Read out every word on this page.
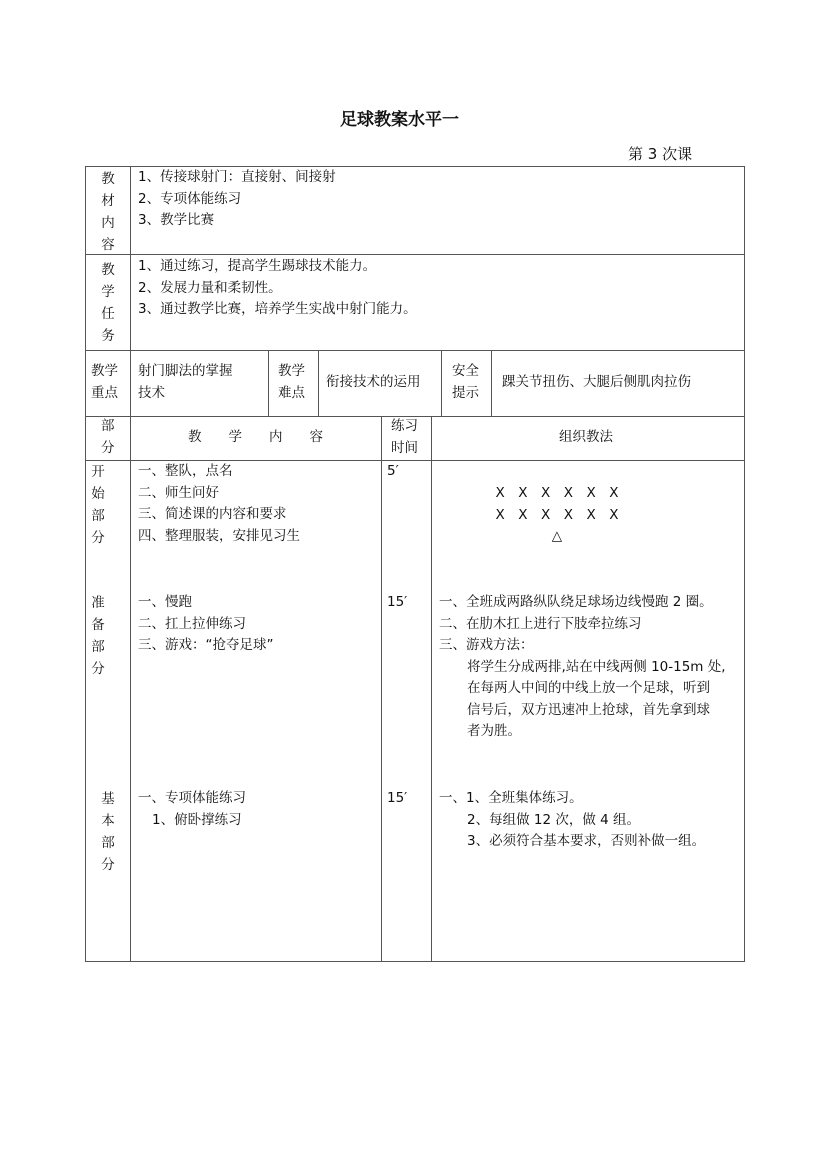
足球教案水平一
第 3 次课
教
材
内
容
1、传接球射门：直接射、间接射
2、专项体能练习
3、教学比赛
教
学
任
务
1、通过练习，提高学生踢球技术能力。
2、发展力量和柔韧性。
3、通过教学比赛，培养学生实战中射门能力。
教学
重点
射门脚法的掌握
技术
教学
难点
衔接技术的运用
安全
提示
踝关节扭伤、大腿后侧肌肉拉伤
部
分
教　　学　　内　　容
练习
时间
组织教法
开
始
部
分
一、整队，点名
二、师生问好
三、简述课的内容和要求
四、整理服装，安排见习生
5′
X　X　X　X　X　X
X　X　X　X　X　X
△
准
备
部
分
一、慢跑
二、扛上拉伸练习
三、游戏：“抢夺足球”
15′ 一、全班成两路纵队绕足球场边线慢跑 2 圈。
二、在肋木扛上进行下肢牵拉练习
三、游戏方法：
将学生分成两排,站在中线两侧 10-15m 处,
在每两人中间的中线上放一个足球，听到
信号后，双方迅速冲上抢球，首先拿到球
者为胜。
基
本
部
分
一、专项体能练习
1、俯卧撑练习
15′ 一、1、全班集体练习。
2、每组做 12 次，做 4 组。
3、必须符合基本要求，否则补做一组。
